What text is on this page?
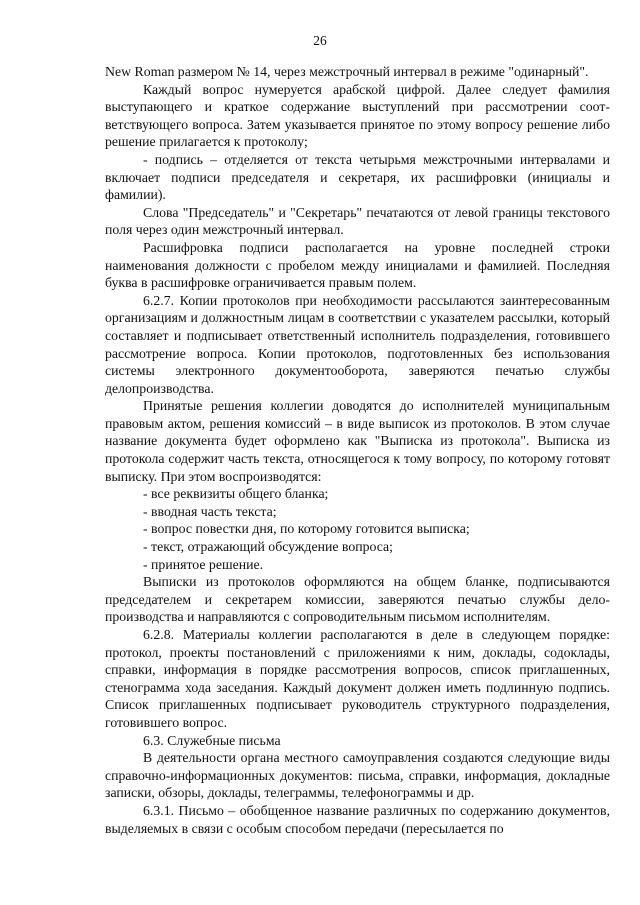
26

New Roman размером № 14, через межстрочный интервал в режиме "одинарный".

Каждый вопрос нумеруется арабской цифрой. Далее следует фамилия выступающего и краткое содержание выступлений при рассмотрении соответствующего вопроса. Затем указывается принятое по этому вопросу решение либо решение прилагается к протоколу;

- подпись – отделяется от текста четырьмя межстрочными интервалами и включает подписи председателя и секретаря, их расшифровки (инициалы и фамилии).

Слова "Председатель" и "Секретарь" печатаются от левой границы текстового поля через один межстрочный интервал.

Расшифровка подписи располагается на уровне последней строки наименования должности с пробелом между инициалами и фамилией. Последняя буква в расшифровке ограничивается правым полем.

6.2.7. Копии протоколов при необходимости рассылаются заинтересованным организациям и должностным лицам в соответствии с указателем рассылки, который составляет и подписывает ответственный исполнитель подразделения, готовившего рассмотрение вопроса. Копии протоколов, подготовленных без использования системы электронного документооборота, заверяются печатью службы делопроизводства.

Принятые решения коллегии доводятся до исполнителей муниципальным правовым актом, решения комиссий – в виде выписок из протоколов. В этом случае название документа будет оформлено как "Выписка из протокола". Выписка из протокола содержит часть текста, относящегося к тому вопросу, по которому готовят выписку. При этом воспроизводятся:

- все реквизиты общего бланка;

- вводная часть текста;

- вопрос повестки дня, по которому готовится выписка;

- текст, отражающий обсуждение вопроса;

- принятое решение.

Выписки из протоколов оформляются на общем бланке, подписываются председателем и секретарем комиссии, заверяются печатью службы делопроизводства и направляются с сопроводительным письмом исполнителям.

6.2.8. Материалы коллегии располагаются в деле в следующем порядке: протокол, проекты постановлений с приложениями к ним, доклады, содоклады, справки, информация в порядке рассмотрения вопросов, список приглашенных, стенограмма хода заседания. Каждый документ должен иметь подлинную подпись. Список приглашенных подписывает руководитель структурного подразделения, готовившего вопрос.

6.3. Служебные письма

В деятельности органа местного самоуправления создаются следующие виды справочно-информационных документов: письма, справки, информация, докладные записки, обзоры, доклады, телеграммы, телефонограммы и др.

6.3.1. Письмо – обобщенное название различных по содержанию документов, выделяемых в связи с особым способом передачи (пересылается по
